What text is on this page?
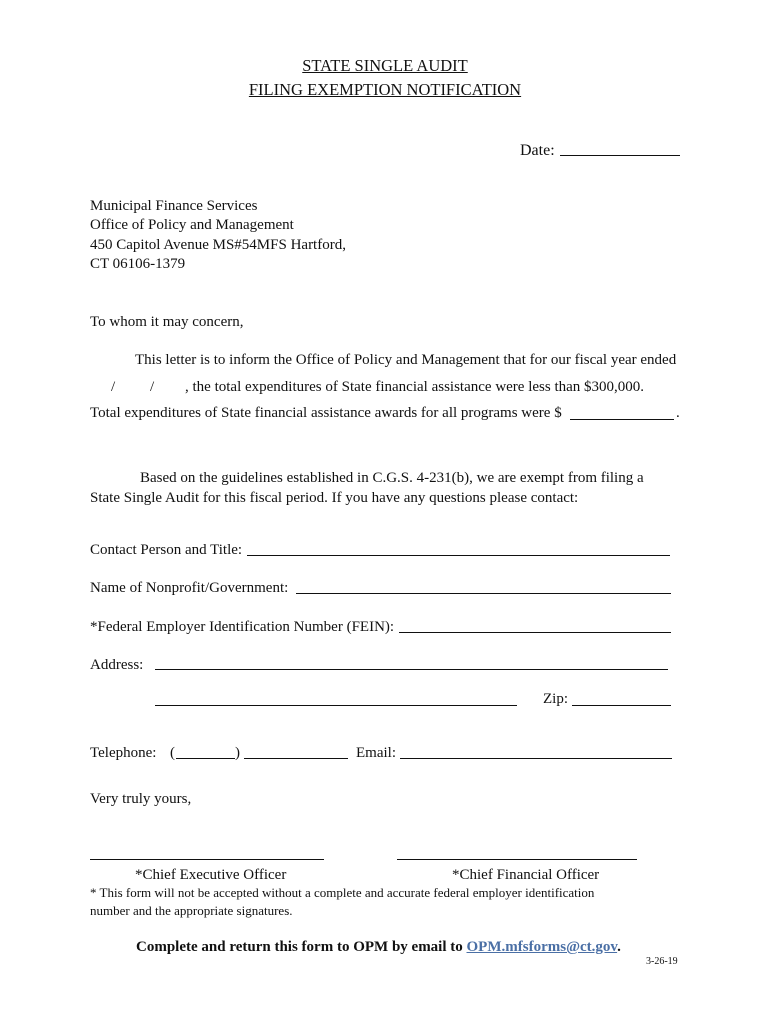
STATE SINGLE AUDIT
FILING EXEMPTION NOTIFICATION
Date:
Municipal Finance Services
Office of Policy and Management
450 Capitol Avenue MS#54MFS Hartford,
CT 06106-1379
To whom it may concern,
This letter is to inform the Office of Policy and Management that for our fiscal year ended
/ / , the total expenditures of State financial assistance were less than $300,000.
Total expenditures of State financial assistance awards for all programs were $	.
Based on the guidelines established in C.G.S. 4-231(b), we are exempt from filing a
State Single Audit for this fiscal period. If you have any questions please contact:
Contact Person and Title:
Name of Nonprofit/Government:
*Federal Employer Identification Number (FEIN):
Address:
Zip:
Telephone: (	)	Email:
Very truly yours,
*Chief Executive Officer	*Chief Financial Officer
* This form will not be accepted without a complete and accurate federal employer identification
number and the appropriate signatures.
Complete and return this form to OPM by email to OPM.mfsforms@ct.gov.
3-26-19
